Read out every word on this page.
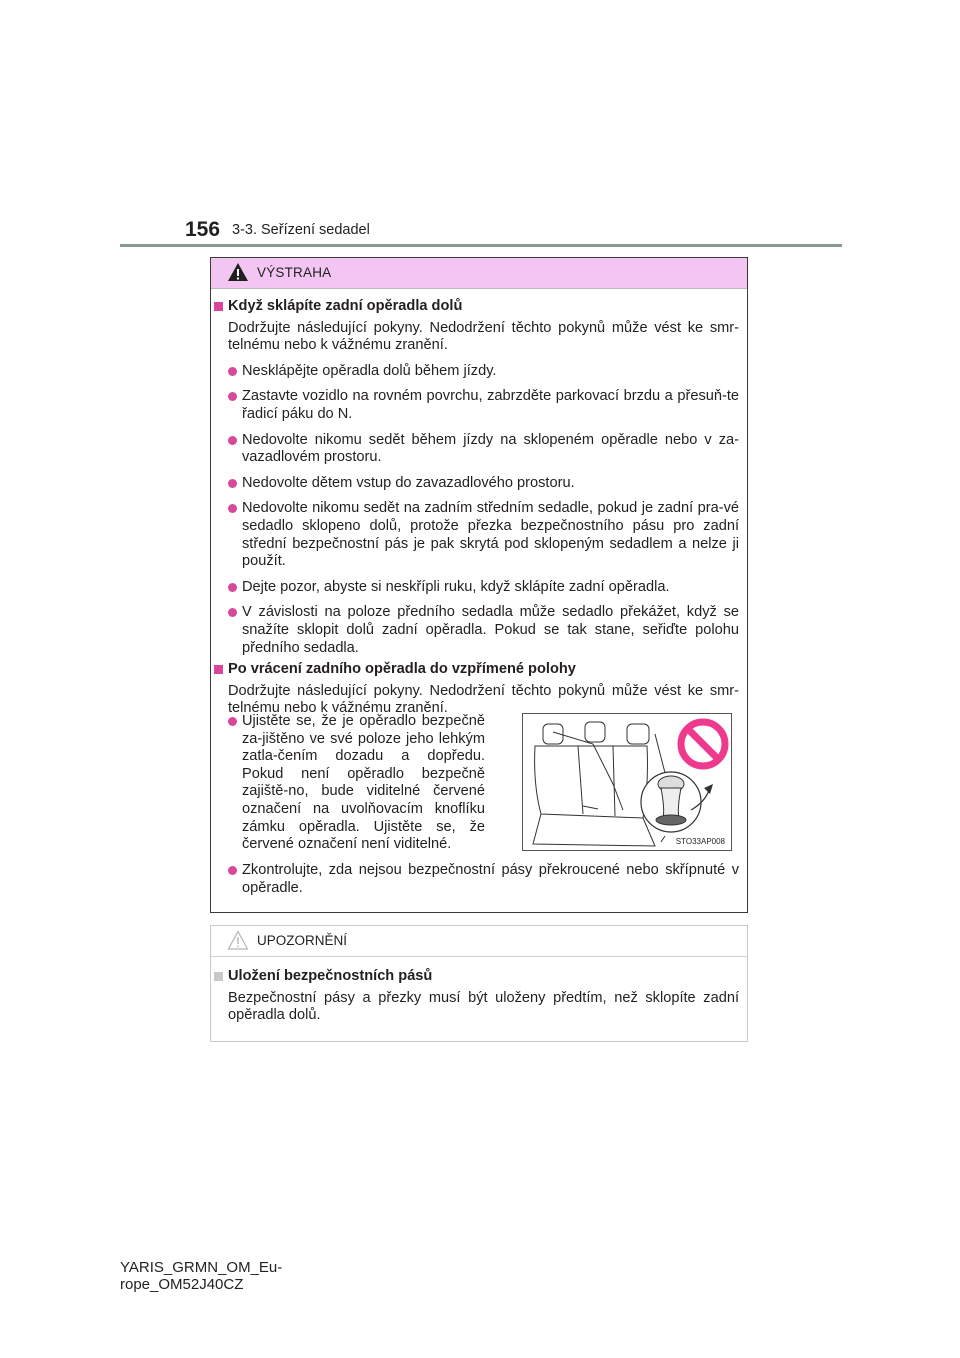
156 3-3. Seřízení sedadel
VÝSTRAHA

Když sklápíte zadní opěradla dolů

Dodržujte následující pokyny. Nedodržení těchto pokynů může vést ke smr-telnému nebo k vážnému zranění.

Nesklápějte opěradla dolů během jízdy.

Zastavte vozidlo na rovném povrchu, zabrzděte parkovací brzdu a přesuň-te řadicí páku do N.

Nedovolte nikomu sedět během jízdy na sklopeném opěradle nebo v za-vazadlovém prostoru.

Nedovolte dětem vstup do zavazadlového prostoru.

Nedovolte nikomu sedět na zadním středním sedadle, pokud je zadní pra-vé sedadlo sklopeno dolů, protože přezka bezpečnostního pásu pro zadní střední bezpečnostní pás je pak skrytá pod sklopeným sedadlem a nelze ji použít.

Dejte pozor, abyste si neskřípli ruku, když sklápíte zadní opěradla.

V závislosti na poloze předního sedadla může sedadlo překážet, když se snažíte sklopit dolů zadní opěradla. Pokud se tak stane, seřiďte polohu předního sedadla.

Po vrácení zadního opěradla do vzpřímené polohy

Dodržujte následující pokyny. Nedodržení těchto pokynů může vést ke smr-telnému nebo k vážnému zranění.

Ujistěte se, že je opěradlo bezpečně za-jištěno ve své poloze jeho lehkým zatla-čením dozadu a dopředu. Pokud není opěradlo bezpečně zajiště-no, bude viditelné červené označení na uvolňovacím knoflíku zámku opěradla. Ujistěte se, že červené označení není viditelné.

Zkontrolujte, zda nejsou bezpečnostní pásy překroucené nebo skřípnuté v opěradle.

STO33AP008
UPOZORNĚNÍ

Uložení bezpečnostních pásů

Bezpečnostní pásy a přezky musí být uloženy předtím, než sklopíte zadní opěradla dolů.

YARIS_GRMN_OM_Eu-
rope_OM52J40CZ
